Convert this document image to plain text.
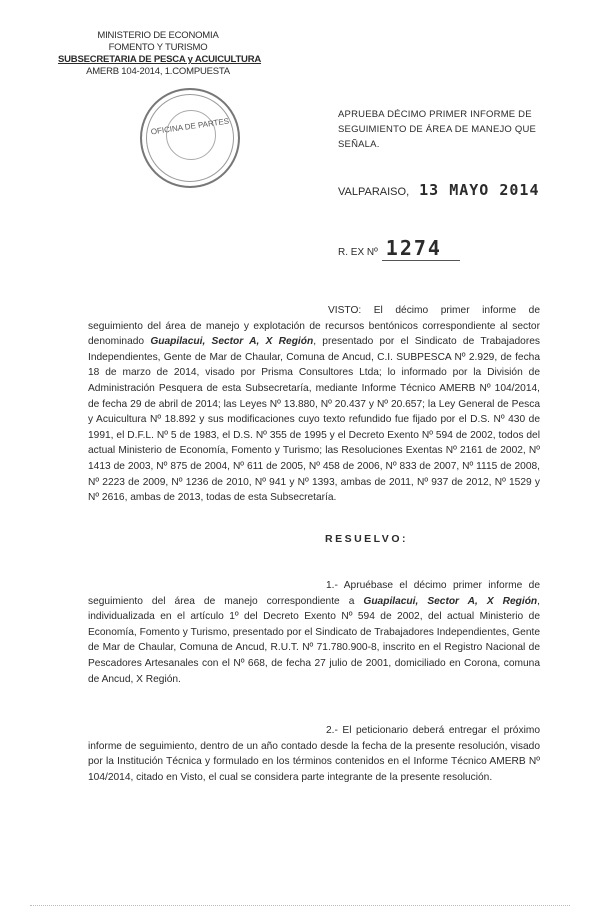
MINISTERIO DE ECONOMIA
FOMENTO Y TURISMO
SUBSECRETARIA DE PESCA y ACUICULTURA
AMERB 104-2014, 1.COMPUESTA
OFICINA DE PARTES
APRUEBA DÉCIMO PRIMER INFORME DE SEGUIMIENTO DE ÁREA DE MANEJO QUE SEÑALA.
VALPARAISO, 13 MAYO 2014
R. EX Nº 1274
VISTO: El décimo primer informe de seguimiento del área de manejo y explotación de recursos bentónicos correspondiente al sector denominado Guapilacui, Sector A, X Región, presentado por el Sindicato de Trabajadores Independientes, Gente de Mar de Chaular, Comuna de Ancud, C.I. SUBPESCA Nº 2.929, de fecha 18 de marzo de 2014, visado por Prisma Consultores Ltda; lo informado por la División de Administración Pesquera de esta Subsecretaría, mediante Informe Técnico AMERB Nº 104/2014, de fecha 29 de abril de 2014; las Leyes Nº 13.880, Nº 20.437 y Nº 20.657; la Ley General de Pesca y Acuicultura Nº 18.892 y sus modificaciones cuyo texto refundido fue fijado por el D.S. Nº 430 de 1991, el D.F.L. Nº 5 de 1983, el D.S. Nº 355 de 1995 y el Decreto Exento Nº 594 de 2002, todos del actual Ministerio de Economía, Fomento y Turismo; las Resoluciones Exentas Nº 2161 de 2002, Nº 1413 de 2003, Nº 875 de 2004, Nº 611 de 2005, Nº 458 de 2006, Nº 833 de 2007, Nº 1115 de 2008, Nº 2223 de 2009, Nº 1236 de 2010, Nº 941 y Nº 1393, ambas de 2011, Nº 937 de 2012, Nº 1529 y Nº 2616, ambas de 2013, todas de esta Subsecretaría.
RESUELVO:
1.- Apruébase el décimo primer informe de seguimiento del área de manejo correspondiente a Guapilacui, Sector A, X Región, individualizada en el artículo 1º del Decreto Exento Nº 594 de 2002, del actual Ministerio de Economía, Fomento y Turismo, presentado por el Sindicato de Trabajadores Independientes, Gente de Mar de Chaular, Comuna de Ancud, R.U.T. Nº 71.780.900-8, inscrito en el Registro Nacional de Pescadores Artesanales con el Nº 668, de fecha 27 julio de 2001, domiciliado en Corona, comuna de Ancud, X Región.
2.- El peticionario deberá entregar el próximo informe de seguimiento, dentro de un año contado desde la fecha de la presente resolución, visado por la Institución Técnica y formulado en los términos contenidos en el Informe Técnico AMERB Nº 104/2014, citado en Visto, el cual se considera parte integrante de la presente resolución.
